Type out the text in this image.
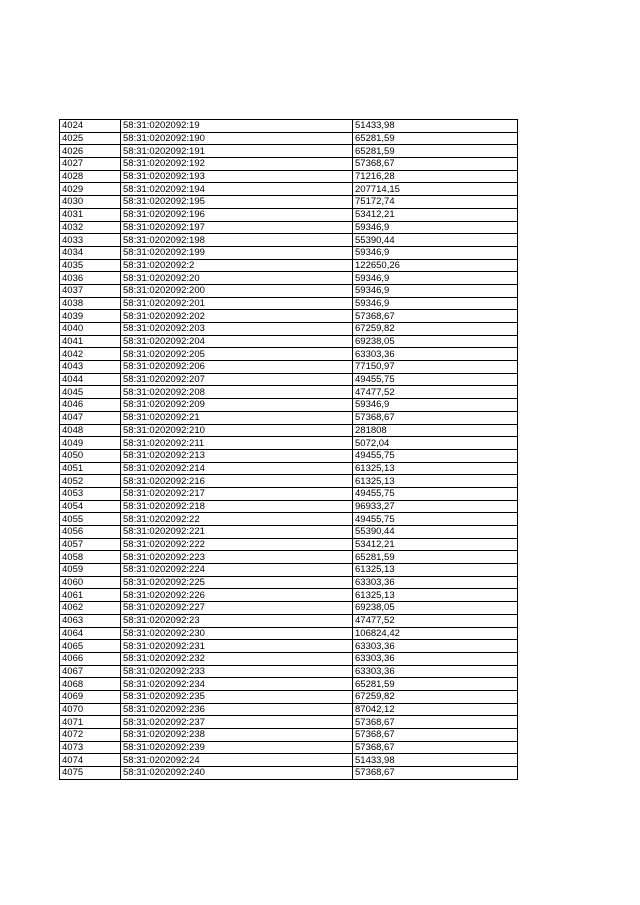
4024	58:31:0202092:19	51433,98
4025	58:31:0202092:190	65281,59
4026	58:31:0202092:191	65281,59
4027	58:31:0202092:192	57368,67
4028	58:31:0202092:193	71216,28
4029	58:31:0202092:194	207714,15
4030	58:31:0202092:195	75172,74
4031	58:31:0202092:196	53412,21
4032	58:31:0202092:197	59346,9
4033	58:31:0202092:198	55390,44
4034	58:31:0202092:199	59346,9
4035	58:31:0202092:2	122650,26
4036	58:31:0202092:20	59346,9
4037	58:31:0202092:200	59346,9
4038	58:31:0202092:201	59346,9
4039	58:31:0202092:202	57368,67
4040	58:31:0202092:203	67259,82
4041	58:31:0202092:204	69238,05
4042	58:31:0202092:205	63303,36
4043	58:31:0202092:206	77150,97
4044	58:31:0202092:207	49455,75
4045	58:31:0202092:208	47477,52
4046	58:31:0202092:209	59346,9
4047	58:31:0202092:21	57368,67
4048	58:31:0202092:210	281808
4049	58:31:0202092:211	5072,04
4050	58:31:0202092:213	49455,75
4051	58:31:0202092:214	61325,13
4052	58:31:0202092:216	61325,13
4053	58:31:0202092:217	49455,75
4054	58:31:0202092:218	96933,27
4055	58:31:0202092:22	49455,75
4056	58:31:0202092:221	55390,44
4057	58:31:0202092:222	53412,21
4058	58:31:0202092:223	65281,59
4059	58:31:0202092:224	61325,13
4060	58:31:0202092:225	63303,36
4061	58:31:0202092:226	61325,13
4062	58:31:0202092:227	69238,05
4063	58:31:0202092:23	47477,52
4064	58:31:0202092:230	106824,42
4065	58:31:0202092:231	63303,36
4066	58:31:0202092:232	63303,36
4067	58:31:0202092:233	63303,36
4068	58:31:0202092:234	65281,59
4069	58:31:0202092:235	67259,82
4070	58:31:0202092:236	87042,12
4071	58:31:0202092:237	57368,67
4072	58:31:0202092:238	57368,67
4073	58:31:0202092:239	57368,67
4074	58:31:0202092:24	51433,98
4075	58:31:0202092:240	57368,67
